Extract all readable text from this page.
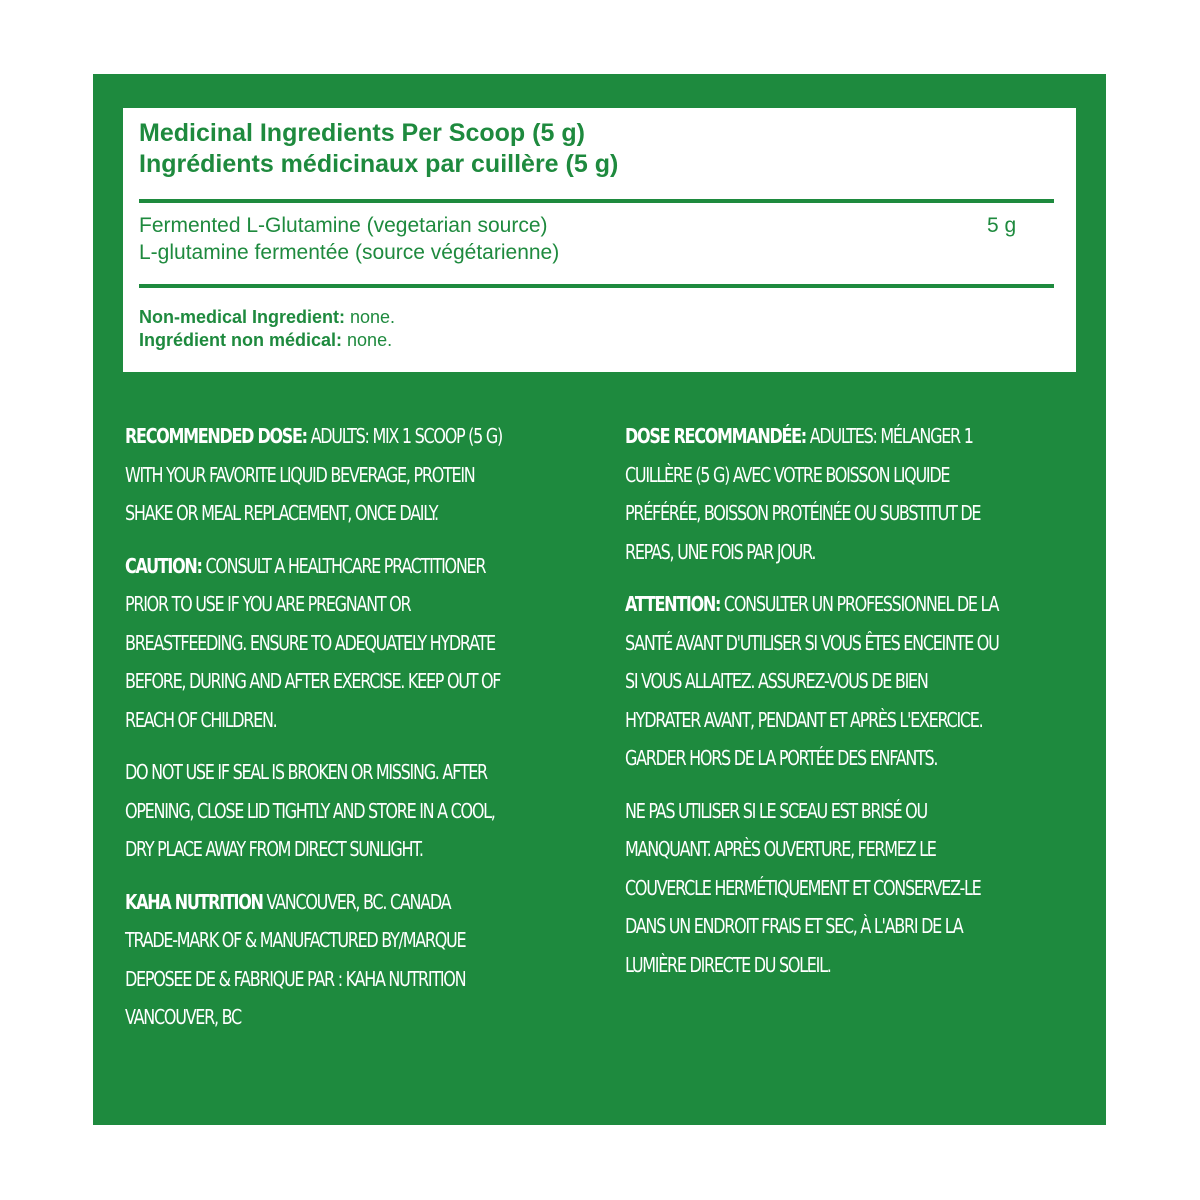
Medicinal Ingredients Per Scoop (5 g)
Ingrédients médicinaux par cuillère (5 g)
Fermented L-Glutamine (vegetarian source)
L-glutamine fermentée (source végétarienne)
5 g
Non-medical Ingredient: none.
Ingrédient non médical: none.

RECOMMENDED DOSE: ADULTS: MIX 1 SCOOP (5 G)
WITH YOUR FAVORITE LIQUID BEVERAGE, PROTEIN
SHAKE OR MEAL REPLACEMENT, ONCE DAILY.

CAUTION: CONSULT A HEALTHCARE PRACTITIONER
PRIOR TO USE IF YOU ARE PREGNANT OR
BREASTFEEDING. ENSURE TO ADEQUATELY HYDRATE
BEFORE, DURING AND AFTER EXERCISE. KEEP OUT OF
REACH OF CHILDREN.

DO NOT USE IF SEAL IS BROKEN OR MISSING. AFTER
OPENING, CLOSE LID TIGHTLY AND STORE IN A COOL,
DRY PLACE AWAY FROM DIRECT SUNLIGHT.

KAHA NUTRITION VANCOUVER, BC. CANADA
TRADE-MARK OF & MANUFACTURED BY/MARQUE
DEPOSEE DE & FABRIQUE PAR : KAHA NUTRITION
VANCOUVER, BC

DOSE RECOMMANDÉE: ADULTES: MÉLANGER 1
CUILLÈRE (5 G) AVEC VOTRE BOISSON LIQUIDE
PRÉFÉRÉE, BOISSON PROTÉINÉE OU SUBSTITUT DE
REPAS, UNE FOIS PAR JOUR.

ATTENTION: CONSULTER UN PROFESSIONNEL DE LA
SANTÉ AVANT D'UTILISER SI VOUS ÊTES ENCEINTE OU
SI VOUS ALLAITEZ. ASSUREZ-VOUS DE BIEN
HYDRATER AVANT, PENDANT ET APRÈS L'EXERCICE.
GARDER HORS DE LA PORTÉE DES ENFANTS.

NE PAS UTILISER SI LE SCEAU EST BRISÉ OU
MANQUANT. APRÈS OUVERTURE, FERMEZ LE
COUVERCLE HERMÉTIQUEMENT ET CONSERVEZ-LE
DANS UN ENDROIT FRAIS ET SEC, À L'ABRI DE LA
LUMIÈRE DIRECTE DU SOLEIL.
